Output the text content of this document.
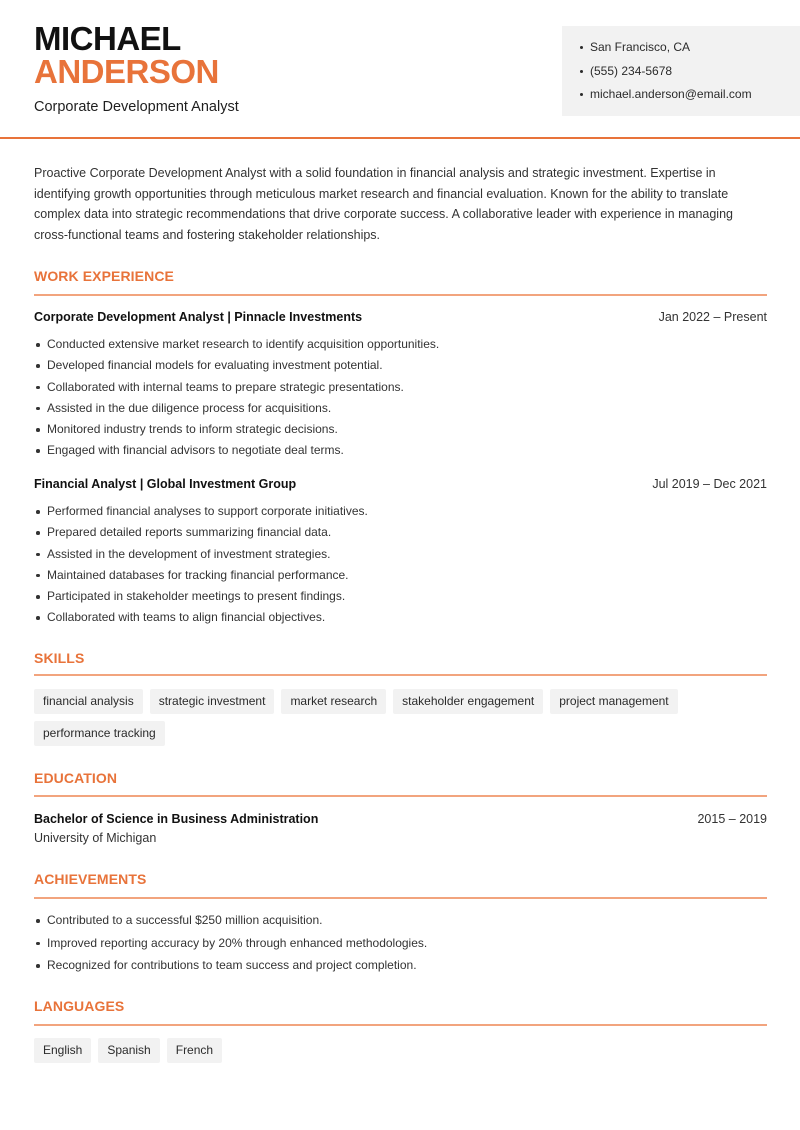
MICHAEL
ANDERSON
Corporate Development Analyst
San Francisco, CA
(555) 234-5678
michael.anderson@email.com
Proactive Corporate Development Analyst with a solid foundation in financial analysis and strategic investment. Expertise in identifying growth opportunities through meticulous market research and financial evaluation. Known for the ability to translate complex data into strategic recommendations that drive corporate success. A collaborative leader with experience in managing cross-functional teams and fostering stakeholder relationships.
WORK EXPERIENCE
Corporate Development Analyst | Pinnacle Investments	Jan 2022 – Present
Conducted extensive market research to identify acquisition opportunities.
Developed financial models for evaluating investment potential.
Collaborated with internal teams to prepare strategic presentations.
Assisted in the due diligence process for acquisitions.
Monitored industry trends to inform strategic decisions.
Engaged with financial advisors to negotiate deal terms.
Financial Analyst | Global Investment Group	Jul 2019 – Dec 2021
Performed financial analyses to support corporate initiatives.
Prepared detailed reports summarizing financial data.
Assisted in the development of investment strategies.
Maintained databases for tracking financial performance.
Participated in stakeholder meetings to present findings.
Collaborated with teams to align financial objectives.
SKILLS
financial analysis strategic investment market research stakeholder engagement project managementperformance tracking
EDUCATION
Bachelor of Science in Business Administration	2015 – 2019
University of Michigan
ACHIEVEMENTS
Contributed to a successful $250 million acquisition.
Improved reporting accuracy by 20% through enhanced methodologies.
Recognized for contributions to team success and project completion.
LANGUAGES
English Spanish French
